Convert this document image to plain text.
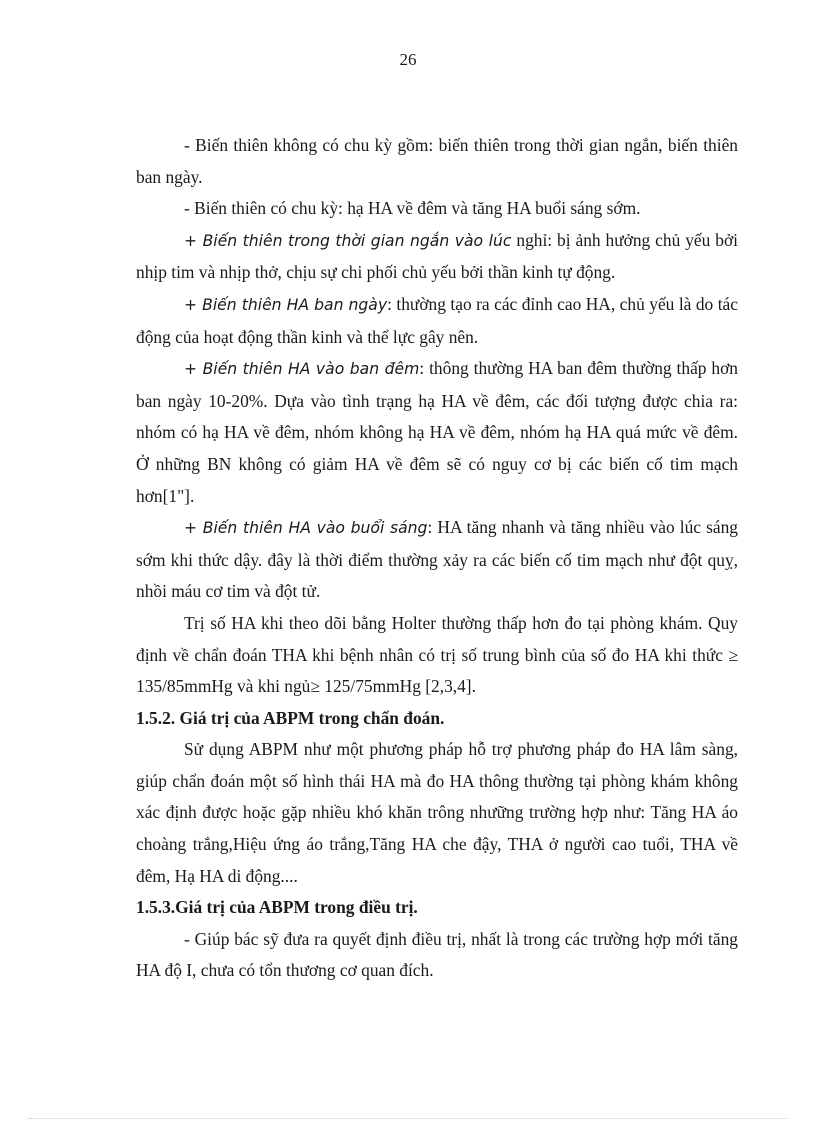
26

- Biến thiên không có chu kỳ gồm: biến thiên trong thời gian ngắn, biến thiên ban ngày.

- Biến thiên có chu kỳ: hạ HA về đêm và tăng HA buổi sáng sớm.

+ Biến thiên trong thời gian ngắn vào lúc nghỉ: bị ảnh hưởng chủ yếu bởi nhịp tim và nhịp thở, chịu sự chi phối chủ yếu bởi thần kinh tự động.

+ Biến thiên HA ban ngày: thường tạo ra các đỉnh cao HA, chủ yếu là do tác động của hoạt động thần kinh và thể lực gây nên.

+ Biến thiên HA vào ban đêm: thông thường HA ban đêm thường thấp hơn ban ngày 10-20%. Dựa vào tình trạng hạ HA về đêm, các đối tượng được chia ra: nhóm có hạ HA về đêm, nhóm không hạ HA về đêm, nhóm hạ HA quá mức về đêm. Ở những BN không có giảm HA về đêm sẽ có nguy cơ bị các biến cố tim mạch hơn[1"].

+ Biến thiên HA vào buổi sáng: HA tăng nhanh và tăng nhiều vào lúc sáng sớm khi thức dậy. đây là thời điểm thường xảy ra các biến cố tim mạch như đột quỵ, nhồi máu cơ tim và đột tử.

Trị số HA khi theo dõi bằng Holter thường thấp hơn đo tại phòng khám. Quy định về chẩn đoán THA khi bệnh nhân có trị số trung bình của số đo HA khi thức ≥ 135/85mmHg và khi ngủ≥ 125/75mmHg [2,3,4].

1.5.2. Giá trị của ABPM trong chẩn đoán.

Sử dụng ABPM như một phương pháp hỗ trợ phương pháp đo HA lâm sàng, giúp chẩn đoán một số hình thái HA mà đo HA thông thường tại phòng khám không xác định được hoặc gặp nhiều khó khăn trông nhưững trường hợp như: Tăng HA áo choàng trắng,Hiệu ứng áo trắng,Tăng HA che đậy, THA ở người cao tuổi, THA về đêm, Hạ HA di động....

1.5.3.Giá trị của ABPM trong điều trị.

- Giúp bác sỹ đưa ra quyết định điều trị, nhất là trong các trường hợp mới tăng HA độ I, chưa có tổn thương cơ quan đích.
